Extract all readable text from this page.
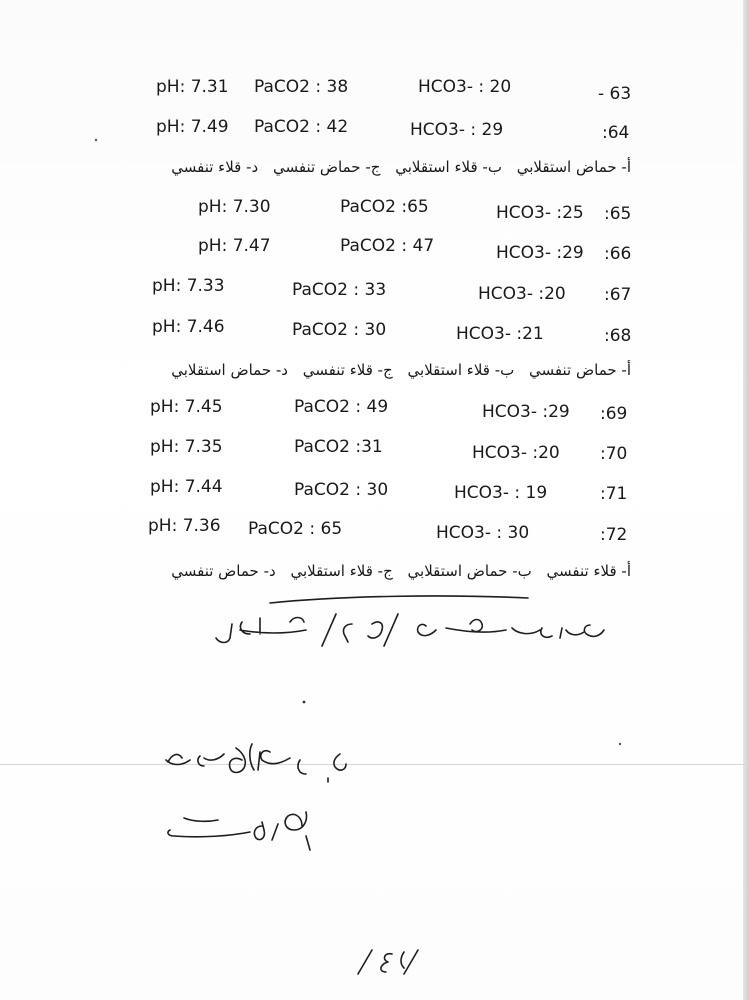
pH: 7.31 PaCO2 : 38	HCO3- : 20	- 63
pH: 7.49 PaCO2 : 42	HCO3- : 29	:64
أ- حماض استقلابي ب- قلاء استقلابي ج- حماض تنفسي د- قلاء تنفسي
pH: 7.30	PaCO2 :65	HCO3- :25 :65
pH: 7.47	PaCO2 : 47	HCO3- :29 :66
pH: 7.33	PaCO2 : 33	HCO3- :20 :67
pH: 7.46	PaCO2 : 30	HCO3- :21	:68
أ- حماض تنفسي ب- قلاء استقلابي ج- قلاء تنفسي د- حماض استقلابي
pH: 7.45	PaCO2 : 49	HCO3- :29 :69
pH: 7.35	PaCO2 :31	HCO3- :20 :70
pH: 7.44	PaCO2 : 30	HCO3- : 19	:71
pH: 7.36 PaCO2 : 65	HCO3- : 30	:72
أ- قلاء تنفسي ب- حماض استقلابي ج- قلاء استقلابي د- حماض تنفسي
